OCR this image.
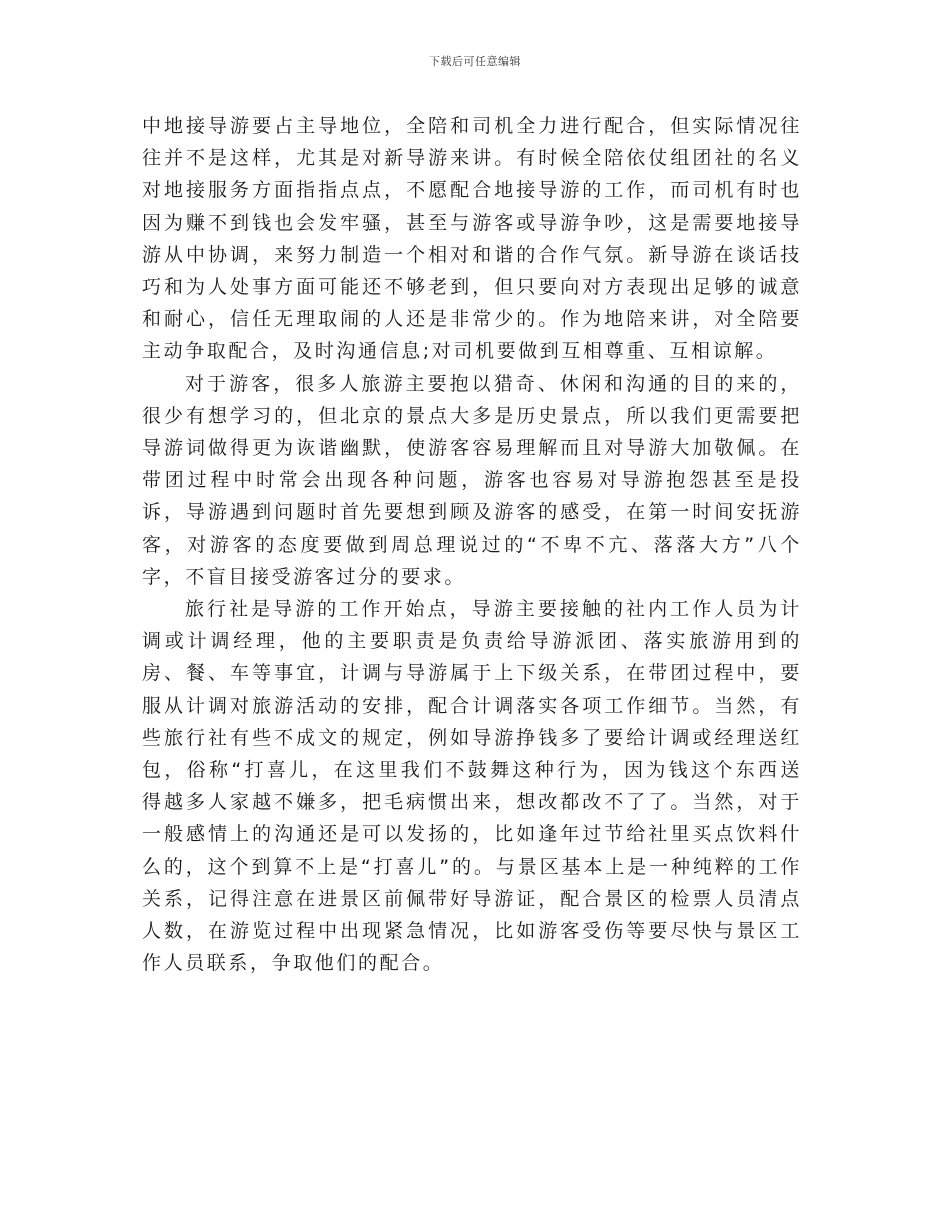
下载后可任意编辑

中地接导游要占主导地位，全陪和司机全力进行配合，但实际情况往往并不是这样，尤其是对新导游来讲。有时候全陪依仗组团社的名义对地接服务方面指指点点，不愿配合地接导游的工作，而司机有时也因为赚不到钱也会发牢骚，甚至与游客或导游争吵，这是需要地接导游从中协调，来努力制造一个相对和谐的合作气氛。新导游在谈话技巧和为人处事方面可能还不够老到，但只要向对方表现出足够的诚意和耐心，信任无理取闹的人还是非常少的。作为地陪来讲，对全陪要主动争取配合，及时沟通信息;对司机要做到互相尊重、互相谅解。

对于游客，很多人旅游主要抱以猎奇、休闲和沟通的目的来的，很少有想学习的，但北京的景点大多是历史景点，所以我们更需要把导游词做得更为诙谐幽默，使游客容易理解而且对导游大加敬佩。在带团过程中时常会出现各种问题，游客也容易对导游抱怨甚至是投诉，导游遇到问题时首先要想到顾及游客的感受，在第一时间安抚游客，对游客的态度要做到周总理说过的“不卑不亢、落落大方”八个字，不盲目接受游客过分的要求。

旅行社是导游的工作开始点，导游主要接触的社内工作人员为计调或计调经理，他的主要职责是负责给导游派团、落实旅游用到的房、餐、车等事宜，计调与导游属于上下级关系，在带团过程中，要服从计调对旅游活动的安排，配合计调落实各项工作细节。当然，有些旅行社有些不成文的规定，例如导游挣钱多了要给计调或经理送红包，俗称“打喜儿，在这里我们不鼓舞这种行为，因为钱这个东西送得越多人家越不嫌多，把毛病惯出来，想改都改不了了。当然，对于一般感情上的沟通还是可以发扬的，比如逢年过节给社里买点饮料什么的，这个到算不上是“打喜儿”的。与景区基本上是一种纯粹的工作关系，记得注意在进景区前佩带好导游证，配合景区的检票人员清点人数，在游览过程中出现紧急情况，比如游客受伤等要尽快与景区工作人员联系，争取他们的配合。
